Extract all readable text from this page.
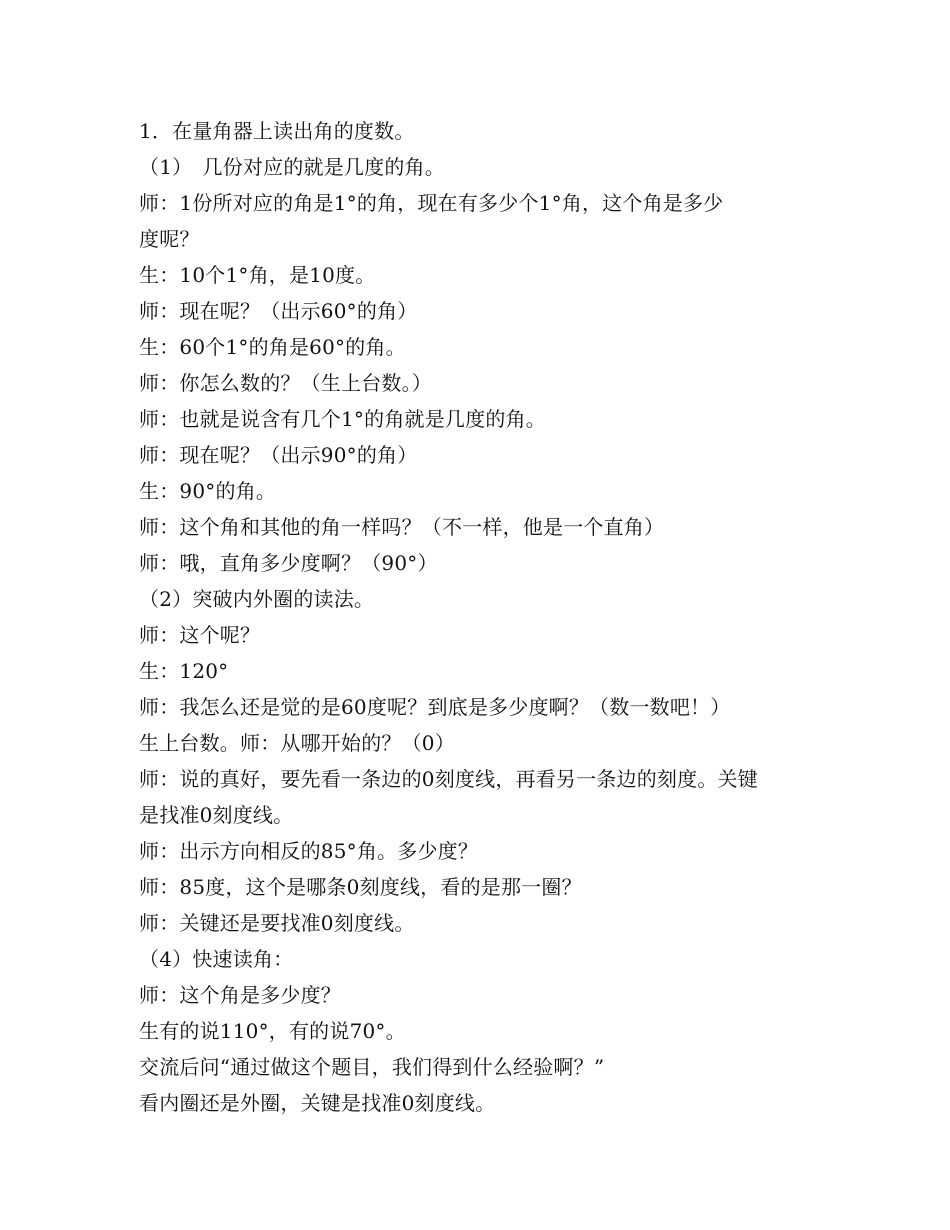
1．在量角器上读出角的度数。
（1）　几份对应的就是几度的角。
师：1份所对应的角是1°的角，现在有多少个1°角，这个角是多少
度呢？
生：10个1°角，是10度。
师：现在呢？（出示60°的角）
生：60个1°的角是60°的角。
师：你怎么数的？（生上台数。）
师：也就是说含有几个1°的角就是几度的角。
师：现在呢？（出示90°的角）
生：90°的角。
师：这个角和其他的角一样吗？（不一样，他是一个直角）
师：哦，直角多少度啊？（90°）
（2）突破内外圈的读法。
师：这个呢？
生：120°
师：我怎么还是觉的是60度呢？到底是多少度啊？（数一数吧！）
生上台数。师：从哪开始的？（0）
师：说的真好，要先看一条边的0刻度线，再看另一条边的刻度。关键
是找准0刻度线。
师：出示方向相反的85°角。多少度？
师：85度，这个是哪条0刻度线，看的是那一圈？
师：关键还是要找准0刻度线。
（4）快速读角：
师：这个角是多少度？
生有的说110°，有的说70°。
交流后问“通过做这个题目，我们得到什么经验啊？”
看内圈还是外圈，关键是找准0刻度线。
